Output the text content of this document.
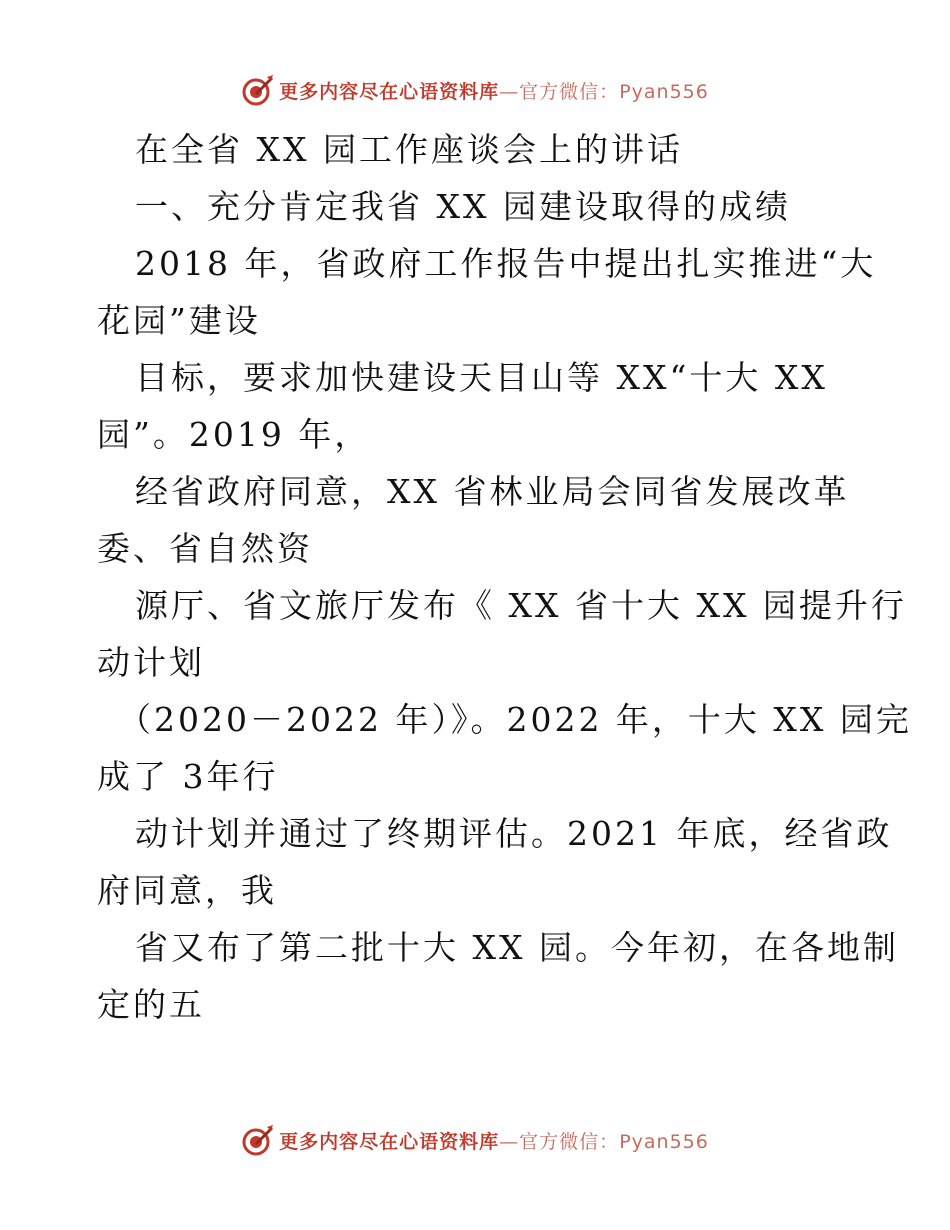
更多内容尽在心语资料库—官方微信：Pyan556
在全省 XX 园工作座谈会上的讲话
一、充分肯定我省 XX 园建设取得的成绩
2018 年，省政府工作报告中提出扎实推进“大
花园”建设
目标，要求加快建设天目山等 XX“十大 XX
园”。2019 年，
经省政府同意，XX 省林业局会同省发展改革
委、省自然资
源厅、省文旅厅发布《 XX 省十大 XX 园提升行
动计划
（2020－2022 年）》。2022 年，十大 XX 园完
成了 3年行
动计划并通过了终期评估。2021 年底，经省政
府同意，我
省又布了第二批十大 XX 园。今年初，在各地制
定的五
更多内容尽在心语资料库—官方微信：Pyan556
